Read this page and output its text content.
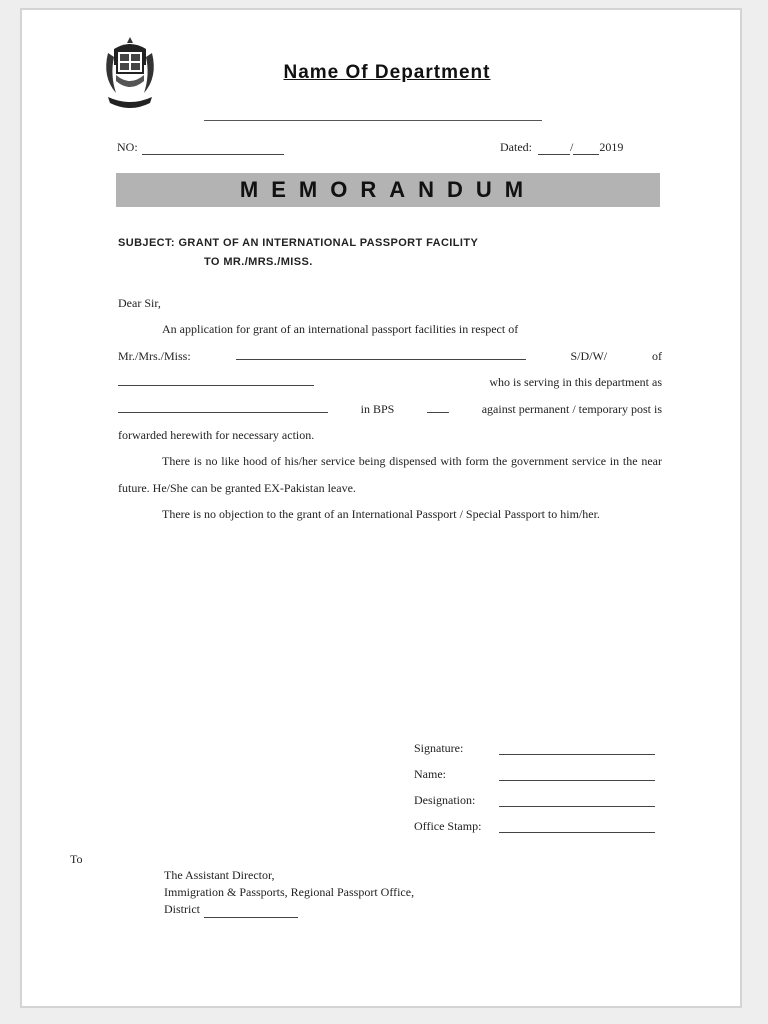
Name Of Department
NO:	Dated:	/ 2019
MEMORANDUM
SUBJECT: GRANT OF AN INTERNATIONAL PASSPORT FACILITY
TO MR./MRS./MISS.

Dear Sir,

An application for grant of an international passport facilities in respect of

Mr./Mrs./Miss:	S/D/W/	of

who is serving in this department as

in BPS	against permanent / temporary post is

forwarded herewith for necessary action.

There is no like hood of his/her service being dispensed with form the government service in the near future. He/She can be granted EX-Pakistan leave.

There is no objection to the grant of an International Passport / Special Passport to him/her.

Signature:
Name:
Designation:
Office Stamp:
To
The Assistant Director,
Immigration & Passports, Regional Passport Office,
District
